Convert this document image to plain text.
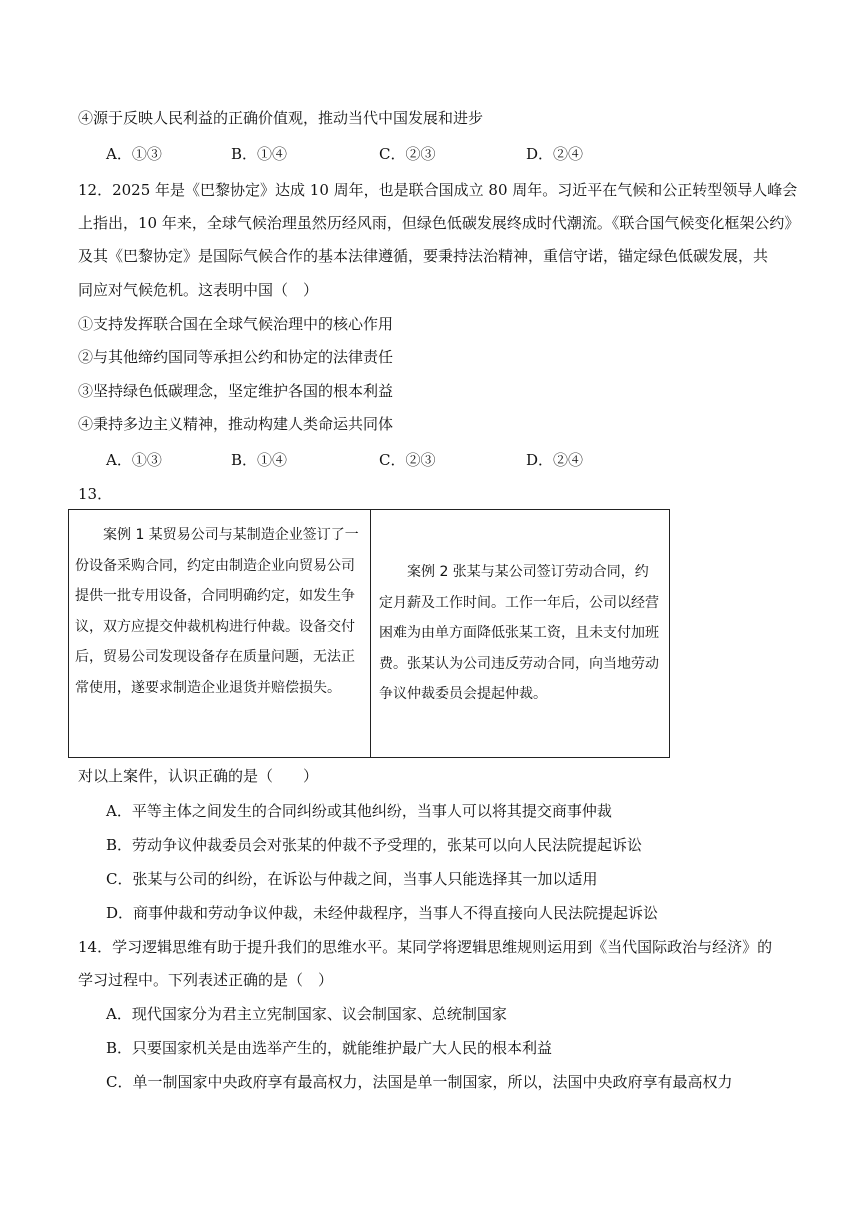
④源于反映人民利益的正确价值观，推动当代中国发展和进步
A．①③	B．①④	C．②③	D．②④
12．2025 年是《巴黎协定》达成 10 周年，也是联合国成立 80 周年。习近平在气候和公正转型领导人峰会
上指出，10 年来，全球气候治理虽然历经风雨，但绿色低碳发展终成时代潮流。《联合国气候变化框架公约》
及其《巴黎协定》是国际气候合作的基本法律遵循，要秉持法治精神，重信守诺，锚定绿色低碳发展，共
同应对气候危机。这表明中国（　）
①支持发挥联合国在全球气候治理中的核心作用
②与其他缔约国同等承担公约和协定的法律责任
③坚持绿色低碳理念，坚定维护各国的根本利益
④秉持多边主义精神，推动构建人类命运共同体
A．①③	B．①④	C．②③	D．②④
13．

案例 1 某贸易公司与某制造企业签订了一份设备采购合同，约定由制造企业向贸易公司提供一批专用设备，合同明确约定，如发生争议，双方应提交仲裁机构进行仲裁。设备交付后，贸易公司发现设备存在质量问题，无法正常使用，遂要求制造企业退货并赔偿损失。

案例 2 张某与某公司签订劳动合同，约定月薪及工作时间。工作一年后，公司以经营困难为由单方面降低张某工资，且未支付加班费。张某认为公司违反劳动合同，向当地劳动争议仲裁委员会提起仲裁。

对以上案件，认识正确的是（　　）
A．平等主体之间发生的合同纠纷或其他纠纷，当事人可以将其提交商事仲裁
B．劳动争议仲裁委员会对张某的仲裁不予受理的，张某可以向人民法院提起诉讼
C．张某与公司的纠纷，在诉讼与仲裁之间，当事人只能选择其一加以适用
D．商事仲裁和劳动争议仲裁，未经仲裁程序，当事人不得直接向人民法院提起诉讼
14．学习逻辑思维有助于提升我们的思维水平。某同学将逻辑思维规则运用到《当代国际政治与经济》的
学习过程中。下列表述正确的是（　）
A．现代国家分为君主立宪制国家、议会制国家、总统制国家
B．只要国家机关是由选举产生的，就能维护最广大人民的根本利益
C．单一制国家中央政府享有最高权力，法国是单一制国家，所以，法国中央政府享有最高权力
